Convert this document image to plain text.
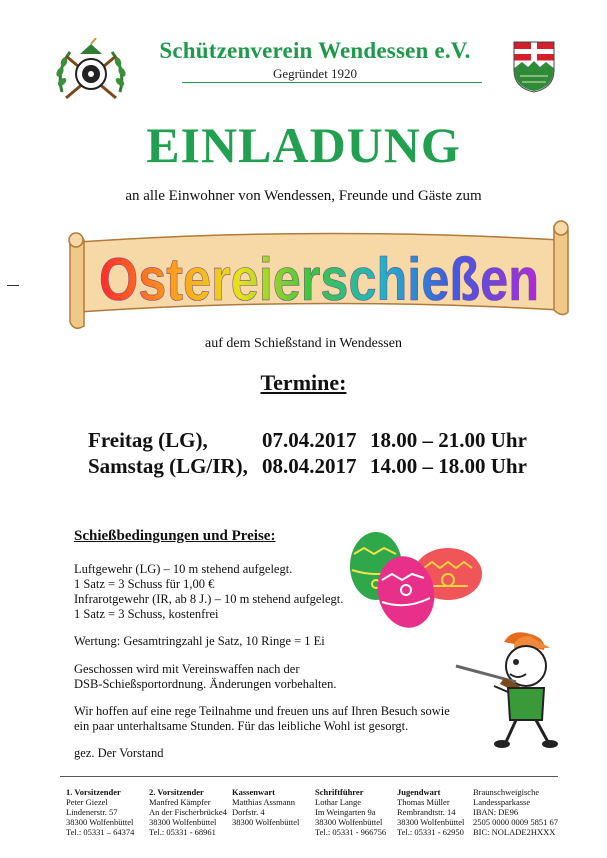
Schützenverein Wendessen e.V.
Gegründet 1920
EINLADUNG
an alle Einwohner von Wendessen, Freunde und Gäste zum
Ostereierschießen
auf dem Schießstand in Wendessen
Termine:
Freitag (LG),	07.04.2017 18.00 – 21.00 Uhr
Samstag (LG/IR), 08.04.2017 14.00 – 18.00 Uhr
Schießbedingungen und Preise:
Luftgewehr (LG) – 10 m stehend aufgelegt.
1 Satz = 3 Schuss für 1,00 €
Infrarotgewehr (IR, ab 8 J.) – 10 m stehend aufgelegt.
1 Satz = 3 Schuss, kostenfrei
Wertung: Gesamtringzahl je Satz, 10 Ringe = 1 Ei
Geschossen wird mit Vereinswaffen nach der
DSB-Schießsportordnung. Änderungen vorbehalten.
Wir hoffen auf eine rege Teilnahme und freuen uns auf Ihren Besuch sowie
ein paar unterhaltsame Stunden. Für das leibliche Wohl ist gesorgt.
gez. Der Vorstand
1. Vorsitzender
Peter Giezel
Lindenerstr. 57
38300 Wolfenbüttel
Tel.: 05331 – 64374
2. Vorsitzender
Manfred Kämpfer
An der Fischerbrücke4
38300 Wolfenbüttel
Tel.: 05331 - 68961
Kassenwart
Matthias Assmann
Dorfstr. 4
38300 Wolfenbüttel
Schriftführer
Lothar Lange
Im Weingarten 9a
38300 Wolfenbüttel
Tel.: 05331 - 966756
Jugendwart
Thomas Müller
Rembrandtstr. 14
38300 Wolfenbüttel
Tel.: 05331 - 62950
Braunschweigische
Landessparkasse
IBAN: DE96
2505 0000 0009 5851 67
BIC: NOLADE2HXXX
